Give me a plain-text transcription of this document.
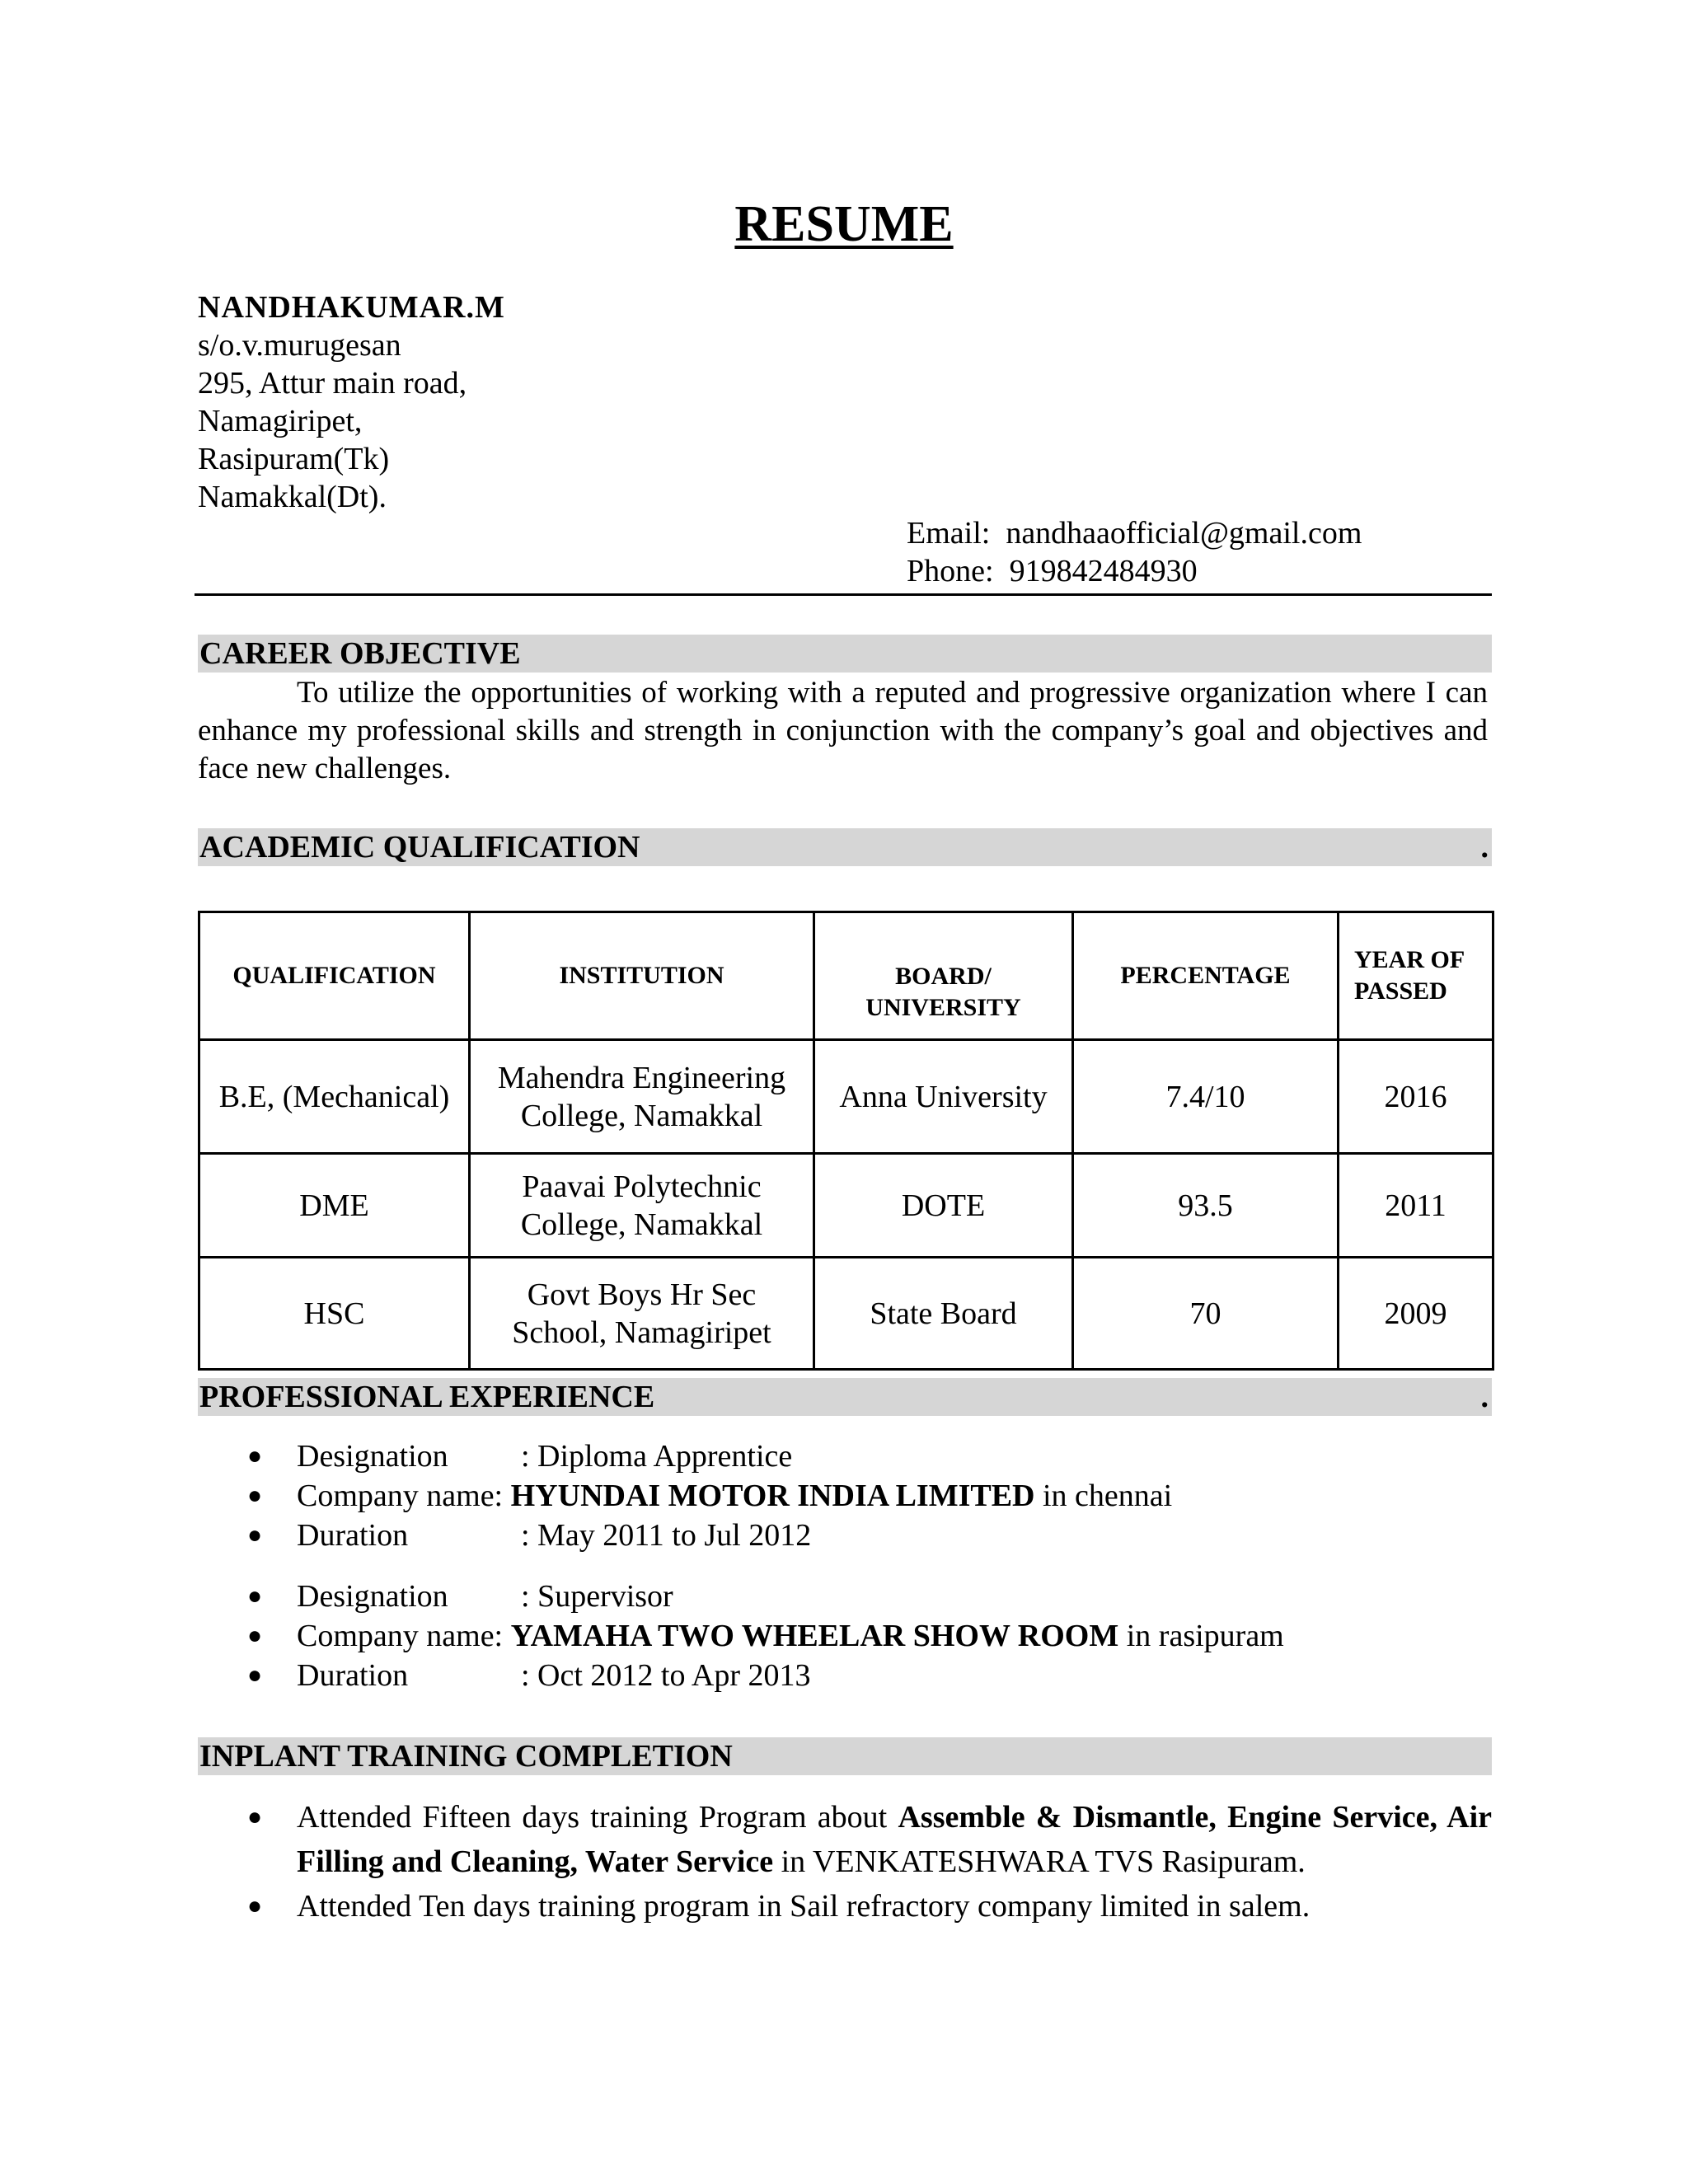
RESUME
NANDHAKUMAR.M
s/o.v.murugesan
295, Attur main road,
Namagiripet,
Rasipuram(Tk)
Namakkal(Dt).
Email: nandhaaofficial@gmail.com
Phone: 919842484930
CAREER OBJECTIVE
To utilize the opportunities of working with a reputed and progressive organization where I can enhance my professional skills and strength in conjunction with the company’s goal and objectives and face new challenges.
ACADEMIC QUALIFICATION	.
QUALIFICATION	INSTITUTION	BOARD/ UNIVERSITY	PERCENTAGE	YEAR OF PASSED
B.E, (Mechanical)	Mahendra Engineering College, Namakkal	Anna University	7.4/10	2016
DME	Paavai Polytechnic College, Namakkal	DOTE	93.5	2011
HSC	Govt Boys Hr Sec School, Namagiripet	State Board	70	2009
PROFESSIONAL EXPERIENCE	.
● Designation : Diploma Apprentice
● Company name: HYUNDAI MOTOR INDIA LIMITED in chennai
● Duration	: May 2011 to Jul 2012
● Designation : Supervisor
● Company name: YAMAHA TWO WHEELAR SHOW ROOM in rasipuram
● Duration	: Oct 2012 to Apr 2013
INPLANT TRAINING COMPLETION
● Attended Fifteen days training Program about Assemble & Dismantle, Engine Service, Air Filling and Cleaning, Water Service in VENKATESHWARA TVS Rasipuram.
● Attended Ten days training program in Sail refractory company limited in salem.
